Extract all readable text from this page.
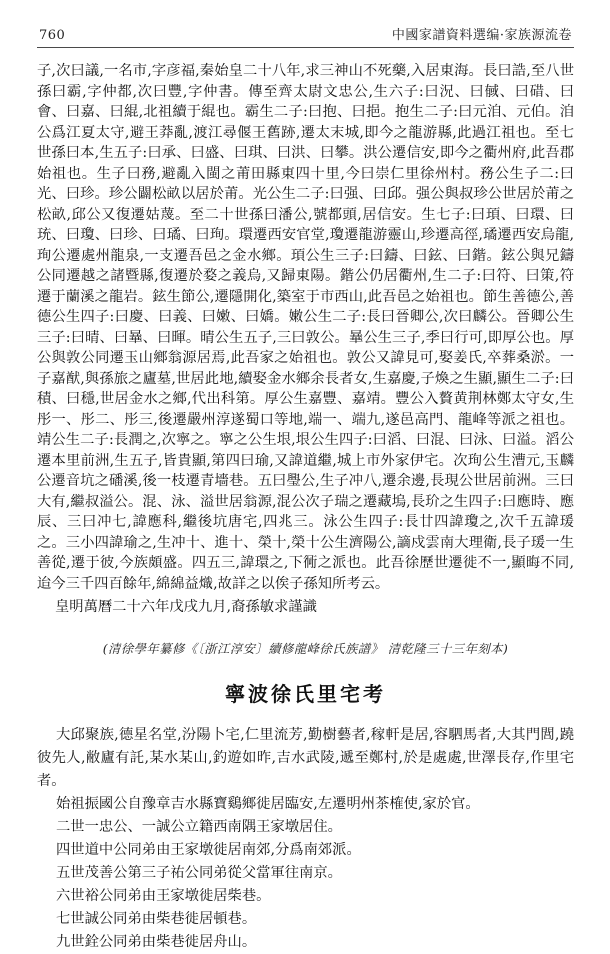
760	中國家譜資料選编·家族源流卷
子,次曰議,一名市,字彦福,秦始皇二十八年,求三神山不死藥,入居東海。長曰誥,至八世孫曰霸,字仲都,次曰豐,字仲書。傳至齊太尉文忠公,生六子:曰況、曰戫、曰碏、曰會、曰嘉、曰緄,北祖續于緄也。霸生二子:曰抱、曰挹。抱生二子:曰元洎、元伯。洎公爲江夏太守,避王莽亂,渡江尋偃王舊跡,遷太末城,即今之龍游縣,此過江祖也。至七世孫曰本,生五子:曰承、曰盛、曰琪、曰洪、曰攀。洪公遷信安,即今之衢州府,此吾郡始祖也。生子曰務,避亂入閩之莆田縣東四十里,今曰崇仁里徐州村。務公生子二:曰光、曰珍。珍公闢松畝以居於莆。光公生二子:曰强、曰邱。强公與叔珍公世居於莆之松畝,邱公又復遷姑蔑。至二十世孫曰潘公,號都頭,居信安。生七子:曰頊、曰環、曰珫、曰瓊、曰珍、曰璚、曰珣。環遷西安官堂,瓊遷龍游靈山,珍遷高徑,璚遷西安烏龍,珣公遷處州龍泉,一支遷吾邑之金水鄉。頊公生三子:曰鑄、曰鉉、曰鍇。鉉公與兄鑄公同遷越之諸暨縣,復遷於婺之義烏,又歸東陽。鍇公仍居衢州,生二子:曰符、曰策,符遷于蘭溪之龍岩。鉉生節公,遷隱開化,築室于市西山,此吾邑之始祖也。節生善德公,善德公生四子:曰慶、曰義、曰嫩、曰嬌。嫩公生二子:長曰晉卿公,次曰麟公。晉卿公生三子:曰晴、曰曅、曰暉。晴公生五子,三曰敦公。曅公生三子,季曰行可,即厚公也。厚公與敦公同遷玉山鄉翁源居焉,此吾家之始祖也。敦公又諱見可,娶姜氏,卒葬桑淤。一子嘉猷,與孫旅之廬墓,世居此地,續娶金水鄉余長者女,生嘉慶,子煥之生顯,顯生二子:曰積、曰穩,世居金水之鄉,代出科第。厚公生嘉豐、嘉靖。豐公入贅黄荆林鄭太守女,生彤一、彤二、彤三,後遷嚴州淳遂蜀口等地,端一、端九,遂邑高門、龍峰等派之祖也。靖公生二子:長潤之,次寧之。寧之公生垠,垠公生四子:曰滔、曰混、曰泳、曰溢。滔公遷本里前洲,生五子,皆貴顯,第四曰瑜,又諱道繼,城上市外家伊宅。次珣公生漕元,玉麟公遷音坑之磻溪,後一枝遷青墻巷。五曰璺公,生子冲八,遷余邊,長現公世居前洲。三曰大有,繼叔溢公。混、泳、溢世居翁源,混公次子瑞之遷藏塢,長玠之生四子:曰應時、應辰、三曰冲七,諱應科,繼後坑唐宅,四兆三。泳公生四子:長廿四諱瓊之,次千五諱瑗之。三小四諱瑜之,生冲十、進十、榮十,榮十公生濟陽公,謫戍雲南大理衛,長子瑗一生善從,遷于彼,今族頗盛。四五三,諱環之,下衕之派也。此吾徐歷世遷徙不一,顯晦不同,迨今三千四百餘年,綿綿益熾,故詳之以俟子孫知所考云。
皇明萬曆二十六年戊戌九月,裔孫敏求謹識
(清徐學年纂修《〔浙江淳安〕續修龍峰徐氏族譜》 清乾隆三十三年刻本)
寧波徐氏里宅考
大邱聚族,德星名堂,汾陽卜宅,仁里流芳,勤樹藝者,稼軒是居,容駟馬者,大其門閭,蹺彼先人,敝廬有託,某水某山,釣遊如昨,吉水武陵,遞至鄭村,於是處處,世澤長存,作里宅者。
始祖振國公自豫章吉水縣寶鷄鄉徙居臨安,左遷明州茶榷使,家於官。
二世一忠公、一誠公立籍西南隅王家墩居住。
四世道中公同弟由王家墩徙居南郊,分爲南郊派。
五世茂善公第三子祐公同弟從父當軍往南京。
六世裕公同弟由王家墩徙居柴巷。
七世誠公同弟由柴巷徙居頓巷。
九世銓公同弟由柴巷徙居舟山。
